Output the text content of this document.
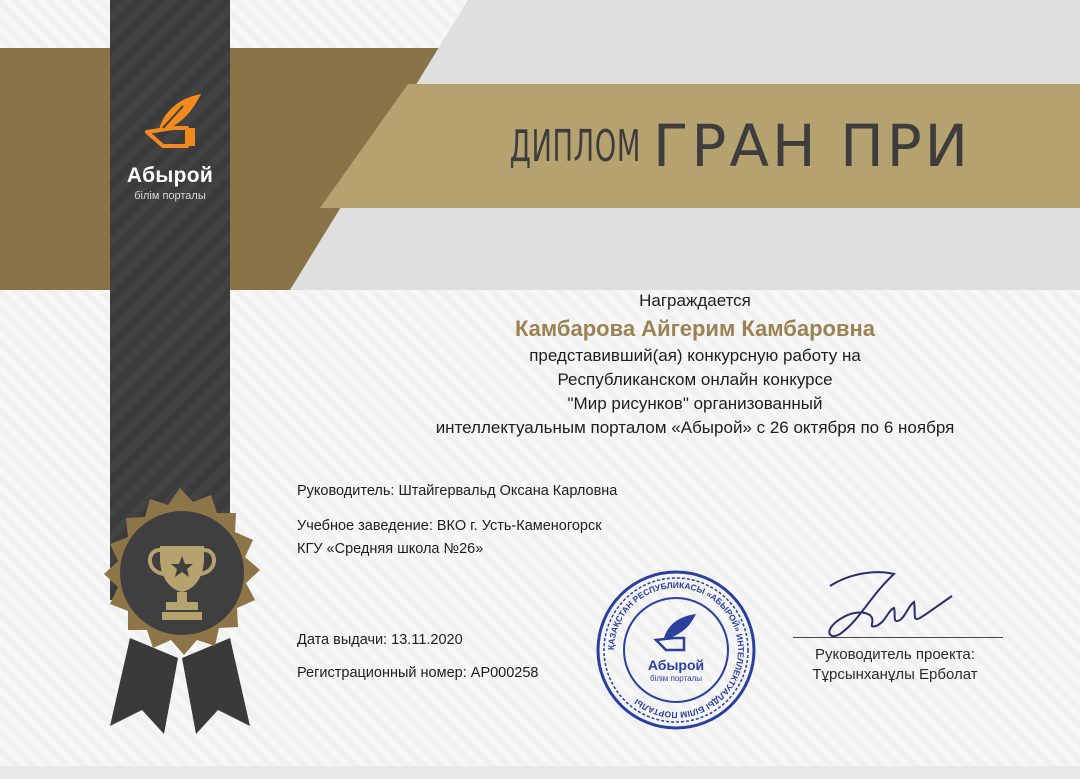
Абырой
білім порталы
ДИПЛОМ ГРАН ПРИ
Награждается
Камбарова Айгерим Камбаровна
представивший(ая) конкурсную работу на
Республиканском онлайн конкурсе
"Мир рисунков" организованный
интеллектуальным порталом «Абырой» с 26 октября по 6 ноября
Руководитель: Штайгервальд Оксана Карловна
Учебное заведение: ВКО г. Усть-Каменогорск
КГУ «Средняя школа №26»
Дата выдачи: 13.11.2020
Регистрационный номер: АР000258
ҚАЗАҚСТАН РЕСПУБЛИКАСЫ «АБЫРОЙ» ИНТЕЛЛЕКТУАЛДЫ БІЛІМ ПОРТАЛЫ
Абырой
білім порталы
Руководитель проекта:
Тұрсынханұлы Ерболат
